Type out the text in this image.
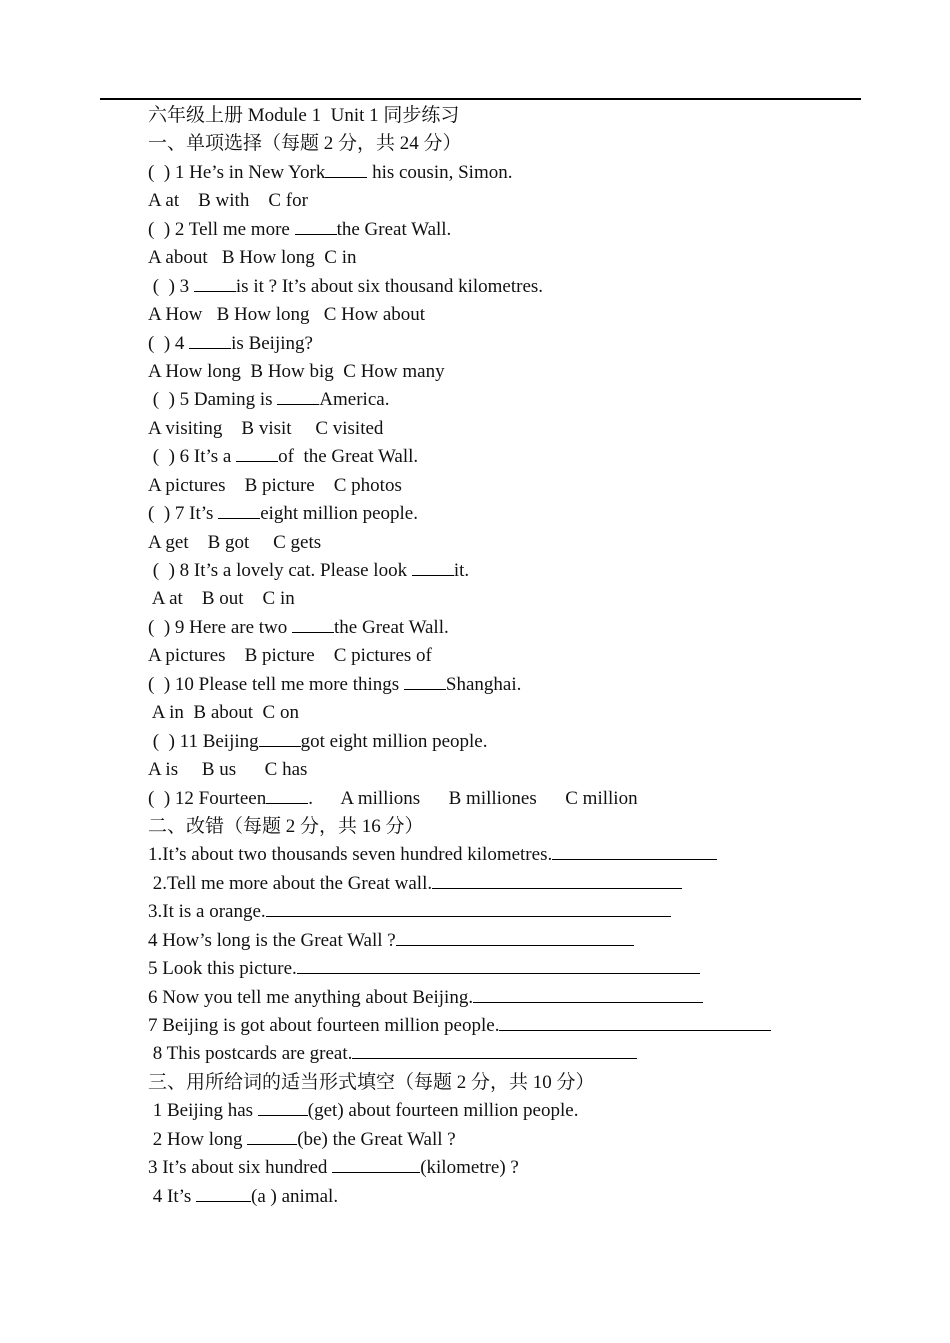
六年级上册 Module 1  Unit 1 同步练习
一、单项选择（每题 2 分，共 24 分）
(  ) 1 He’s in New York his cousin, Simon.
A at    B with    C for
(  ) 2 Tell me more the Great Wall.
A about   B How long  C in
(  ) 3 is it ? It’s about six thousand kilometres.
A How   B How long   C How about
(  ) 4 is Beijing?
A How long  B How big  C How many
(  ) 5 Daming is America.
A visiting    B visit     C visited
(  ) 6 It’s a of  the Great Wall.
A pictures    B picture    C photos
(  ) 7 It’s eight million people.
A get    B got     C gets
(  ) 8 It’s a lovely cat. Please look it.
A at    B out    C in
(  ) 9 Here are two the Great Wall.
A pictures    B picture    C pictures of
(  ) 10 Please tell me more things Shanghai.
A in  B about  C on
(  ) 11 Beijing got eight million people.
A is     B us      C has
(  ) 12 Fourteen .      A millions      B milliones      C million
二、改错（每题 2 分，共 16 分）
1.It’s about two thousands seven hundred kilometres.
2.Tell me more about the Great wall.
3.It is a orange.
4 How’s long is the Great Wall ?
5 Look this picture.
6 Now you tell me anything about Beijing.
7 Beijing is got about fourteen million people.
8 This postcards are great.
三、用所给词的适当形式填空（每题 2 分，共 10 分）
1 Beijing has	(get) about fourteen million people.
2 How long	(be) the Great Wall ?
3 It’s about six hundred	(kilometre) ?
4 It’s	(a ) animal.
